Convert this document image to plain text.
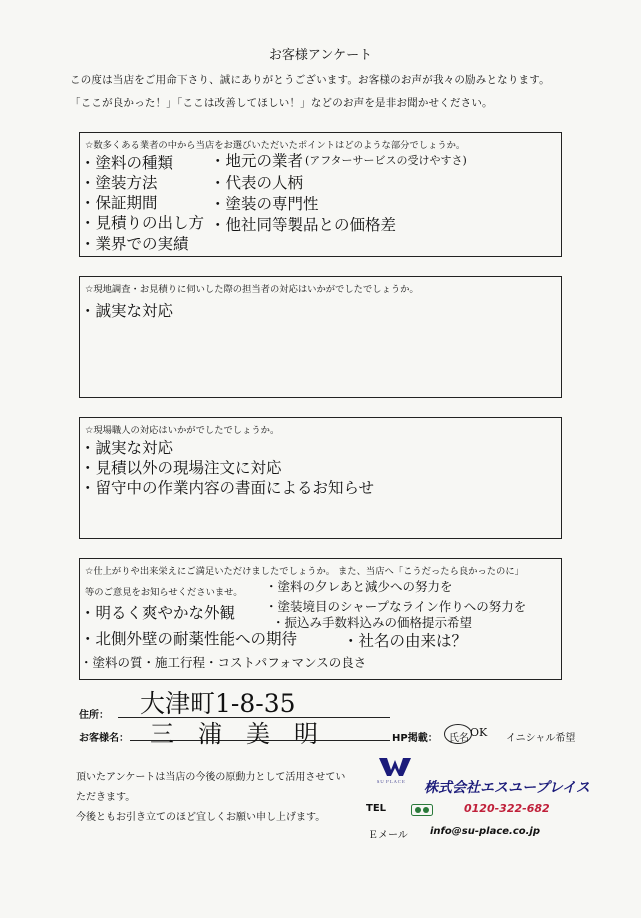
お客様アンケート
この度は当店をご用命下さり、誠にありがとうございます。お客様のお声が我々の励みとなります。
「ここが良かった！」「ここは改善してほしい！」などのお声を是非お聞かせください。
☆数多くある業者の中から当店をお選びいただいたポイントはどのような部分でしょうか。
・塗料の種類
・塗装方法
・保証期間
・見積りの出し方
・業界での実績
・地元の業者 (アフターサービスの受けやすさ)
・代表の人柄
・塗装の専門性
・他社同等製品との価格差
☆現地調査・お見積りに伺いした際の担当者の対応はいかがでしたでしょうか。
・誠実な対応
☆現場職人の対応はいかがでしたでしょうか。
・誠実な対応
・見積以外の現場注文に対応
・留守中の作業内容の書面によるお知らせ
☆仕上がりや出来栄えにご満足いただけましたでしょうか。 また、当店へ「こうだったら良かったのに」
等のご意見をお知らせくださいませ。 ・塗料の夕レあと減少への努力を
・明るく爽やかな外観 ・塗装境目のシャープなライン作りへの努力を
・振込み手数料込みの価格提示希望
・北側外壁の耐薬性能への期待	・社名の由来は？
・塗料の質・施工行程・コストパフォマンスの良さ
住所： 大津町1-8-35
お客様名： 三　浦　美　明	HP掲載： 氏名 OK イニシャル希望
頂いたアンケートは当店の今後の原動力として活用させてい
ただきます。
今後ともお引き立てのほど宜しくお願い申し上げます。
ＳＵ ＰＬＡＣＥ 株式会社エスユープレイス
TEL	0120-322-682
Ｅメール info@su-place.co.jp
